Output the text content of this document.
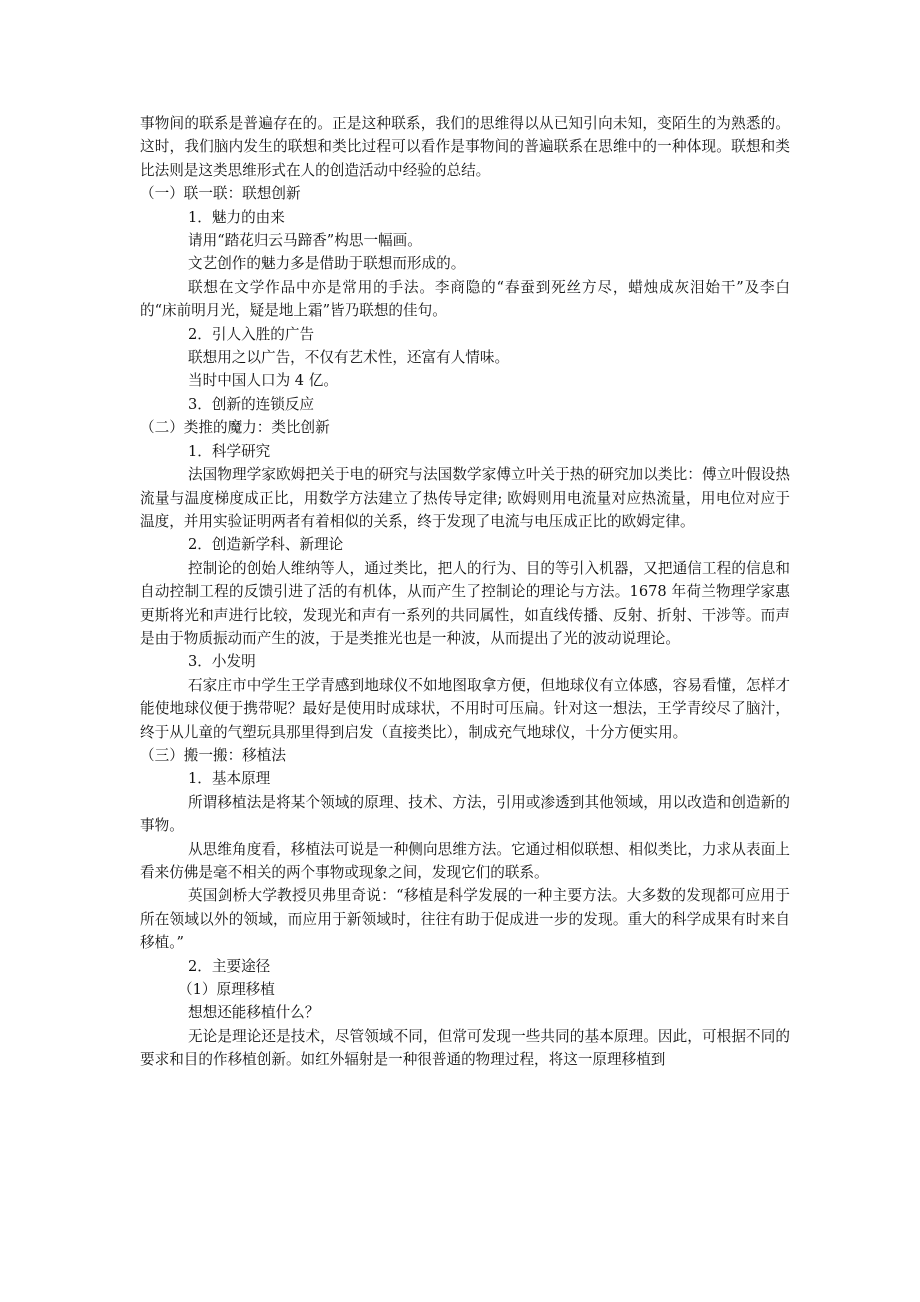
事物间的联系是普遍存在的。正是这种联系，我们的思维得以从已知引向未知，变陌生的为熟悉的。这时，我们脑内发生的联想和类比过程可以看作是事物间的普遍联系在思维中的一种体现。联想和类比法则是这类思维形式在人的创造活动中经验的总结。

（一）联一联：联想创新

1．魅力的由来

请用“踏花归云马蹄香”构思一幅画。

文艺创作的魅力多是借助于联想而形成的。

联想在文学作品中亦是常用的手法。李商隐的“春蚕到死丝方尽，蜡烛成灰泪始干”及李白的“床前明月光，疑是地上霜”皆乃联想的佳句。

2．引人入胜的广告

联想用之以广告，不仅有艺术性，还富有人情味。

当时中国人口为 4 亿。

3．创新的连锁反应

（二）类推的魔力：类比创新

1．科学研究

法国物理学家欧姆把关于电的研究与法国数学家傅立叶关于热的研究加以类比：傅立叶假设热流量与温度梯度成正比，用数学方法建立了热传导定律; 欧姆则用电流量对应热流量，用电位对应于温度，并用实验证明两者有着相似的关系，终于发现了电流与电压成正比的欧姆定律。

2．创造新学科、新理论

控制论的创始人维纳等人，通过类比，把人的行为、目的等引入机器，又把通信工程的信息和自动控制工程的反馈引进了活的有机体，从而产生了控制论的理论与方法。1678 年荷兰物理学家惠更斯将光和声进行比较，发现光和声有一系列的共同属性，如直线传播、反射、折射、干涉等。而声是由于物质振动而产生的波，于是类推光也是一种波，从而提出了光的波动说理论。

3．小发明

石家庄市中学生王学青感到地球仪不如地图取拿方便，但地球仪有立体感，容易看懂，怎样才能使地球仪便于携带呢？最好是使用时成球状，不用时可压扁。针对这一想法，王学青绞尽了脑汁，终于从儿童的气塑玩具那里得到启发（直接类比），制成充气地球仪，十分方便实用。

（三）搬一搬：移植法

1．基本原理

所谓移植法是将某个领域的原理、技术、方法，引用或渗透到其他领域，用以改造和创造新的事物。

从思维角度看，移植法可说是一种侧向思维方法。它通过相似联想、相似类比，力求从表面上看来仿佛是毫不相关的两个事物或现象之间，发现它们的联系。

英国剑桥大学教授贝弗里奇说：“移植是科学发展的一种主要方法。大多数的发现都可应用于所在领域以外的领域，而应用于新领域时，往往有助于促成进一步的发现。重大的科学成果有时来自移植。”

2．主要途径

（1）原理移植

想想还能移植什么？

无论是理论还是技术，尽管领域不同，但常可发现一些共同的基本原理。因此，可根据不同的要求和目的作移植创新。如红外辐射是一种很普通的物理过程，将这一原理移植到
